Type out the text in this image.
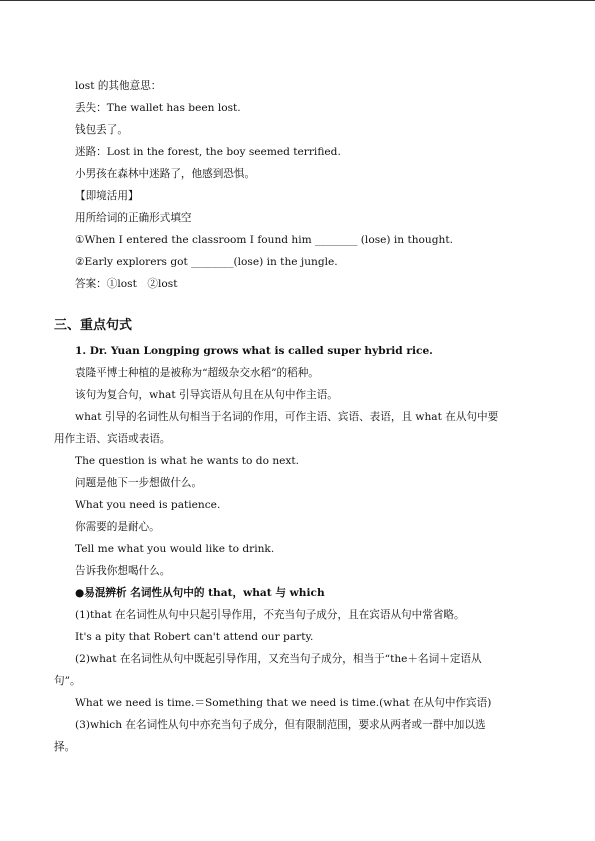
lost 的其他意思：
丢失：The wallet has been lost.
钱包丢了。
迷路：Lost in the forest, the boy seemed terrified.
小男孩在森林中迷路了，他感到恐惧。
【即境活用】
用所给词的正确形式填空
①When I entered the classroom I found him ________ (lose) in thought.
②Early explorers got ________(lose) in the jungle.
答案：①lost　②lost
三、重点句式
1. Dr. Yuan Longping grows what is called super hybrid rice.
袁隆平博士种植的是被称为“超级杂交水稻”的稻种。
该句为复合句，what 引导宾语从句且在从句中作主语。
what 引导的名词性从句相当于名词的作用，可作主语、宾语、表语，且 what 在从句中要
用作主语、宾语或表语。
The question is what he wants to do next.
问题是他下一步想做什么。
What you need is patience.
你需要的是耐心。
Tell me what you would like to drink.
告诉我你想喝什么。
●易混辨析 名词性从句中的 that，what 与 which
(1)that 在名词性从句中只起引导作用，不充当句子成分，且在宾语从句中常省略。
It's a pity that Robert can't attend our party.
(2)what 在名词性从句中既起引导作用，又充当句子成分，相当于“the＋名词＋定语从
句”。
What we need is time.＝Something that we need is time.(what 在从句中作宾语)
(3)which 在名词性从句中亦充当句子成分，但有限制范围，要求从两者或一群中加以选
择。
